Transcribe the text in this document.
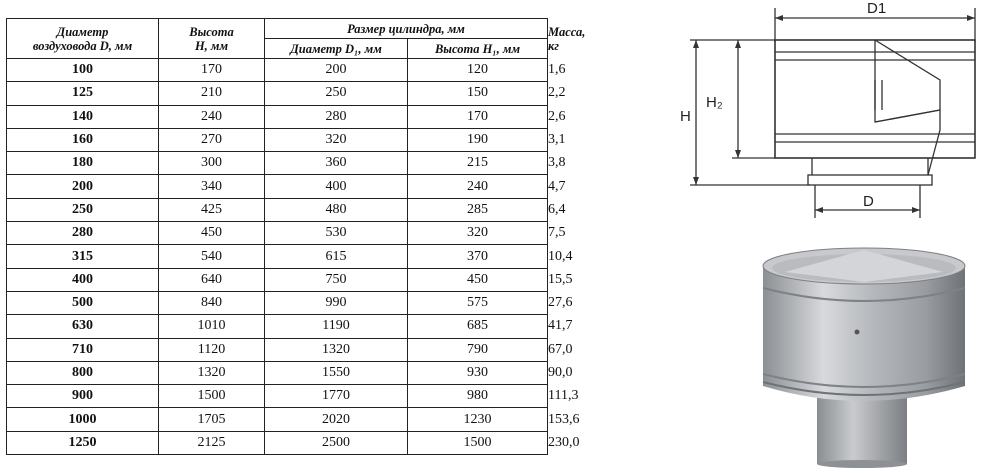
Диаметр
воздуховода D, мм	Высота
H, мм	Размер цилиндра, мм		Масса, кг
		Диаметр D₁, мм	Высота H₁, мм	
100	170	200	120	1,6
125	210	250	150	2,2
140	240	280	170	2,6
160	270	320	190	3,1
180	300	360	215	3,8
200	340	400	240	4,7
250	425	480	285	6,4
280	450	530	320	7,5
315	540	615	370	10,4
400	640	750	450	15,5
500	840	990	575	27,6
630	1010	1190	685	41,7
710	1120	1320	790	67,0
800	1320	1550	930	90,0
900	1500	1770	980	111,3
1000	1705	2020	1230	153,6
1250	2125	2500	1500	230,0
D1
H
H₂
D
